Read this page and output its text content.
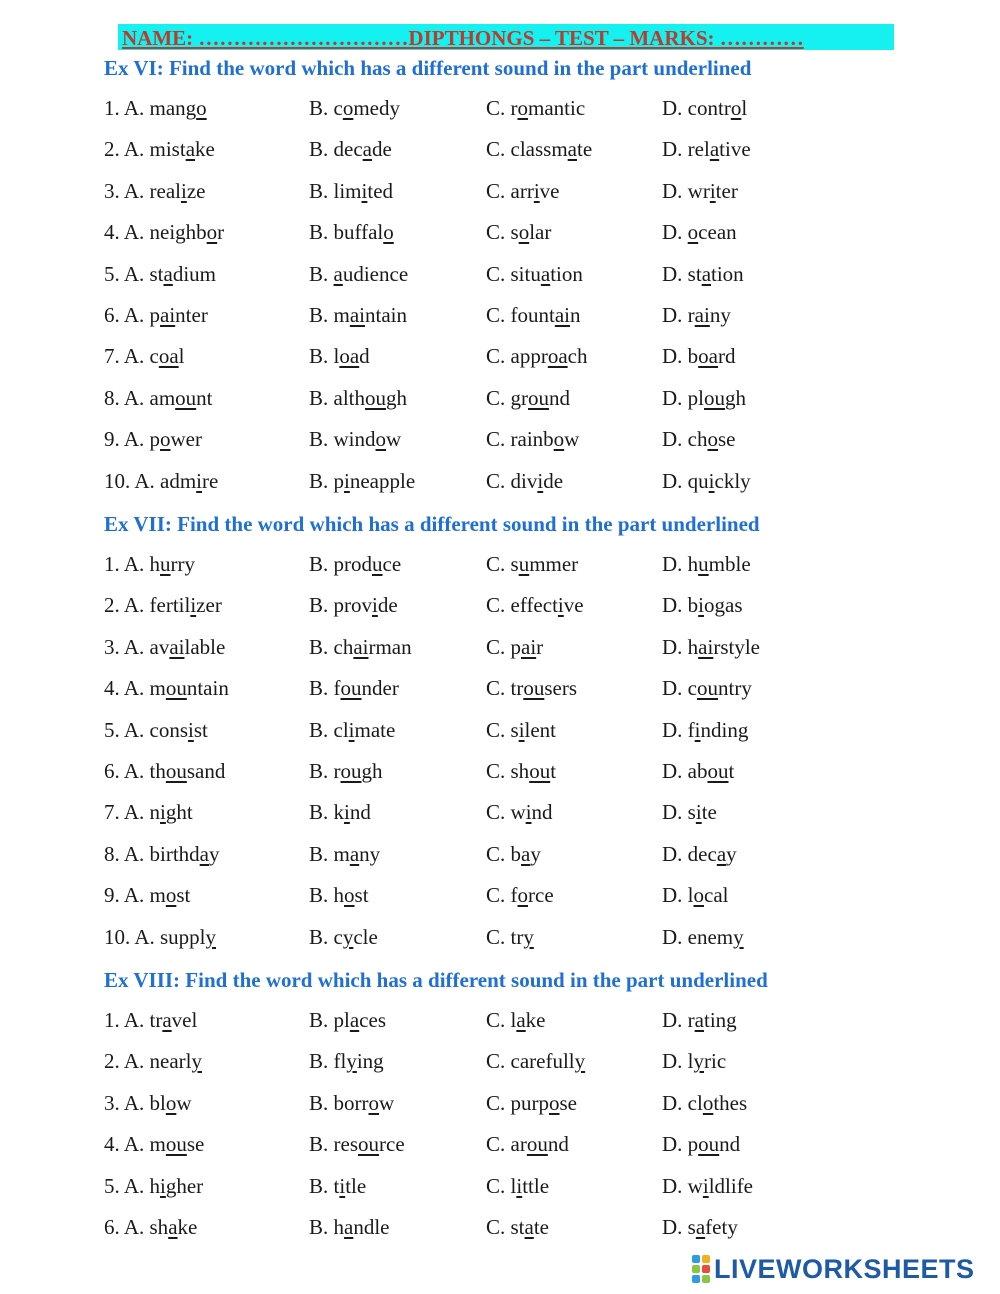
NAME: …………………………DIPTHONGS – TEST – MARKS: …………
Ex VI: Find the word which has a different sound in the part underlined
1. A. mango	B. comedy	C. romantic	D. control
2. A. mistake	B. decade	C. classmate	D. relative
3. A. realize	B. limited	C. arrive	D. writer
4. A. neighbor	B. buffalo	C. solar	D. ocean
5. A. stadium	B. audience	C. situation	D. station
6. A. painter	B. maintain	C. fountain	D. rainy
7. A. coal	B. load	C. approach	D. board
8. A. amount	B. although	C. ground	D. plough
9. A. power	B. window	C. rainbow	D. chose
10. A. admire	B. pineapple	C. divide	D. quickly
Ex VII: Find the word which has a different sound in the part underlined
1. A. hurry	B. produce	C. summer	D. humble
2. A. fertilizer	B. provide	C. effective	D. biogas
3. A. available	B. chairman	C. pair	D. hairstyle
4. A. mountain	B. founder	C. trousers	D. country
5. A. consist	B. climate	C. silent	D. finding
6. A. thousand	B. rough	C. shout	D. about
7. A. night	B. kind	C. wind	D. site
8. A. birthday	B. many	C. bay	D. decay
9. A. most	B. host	C. force	D. local
10. A. supply	B. cycle	C. try	D. enemy
Ex VIII: Find the word which has a different sound in the part underlined
1. A. travel	B. places	C. lake	D. rating
2. A. nearly	B. flying	C. carefully	D. lyric
3. A. blow	B. borrow	C. purpose	D. clothes
4. A. mouse	B. resource	C. around	D. pound
5. A. higher	B. title	C. little	D. wildlife
6. A. shake	B. handle	C. state	D. safety
LIVEWORKSHEETS
